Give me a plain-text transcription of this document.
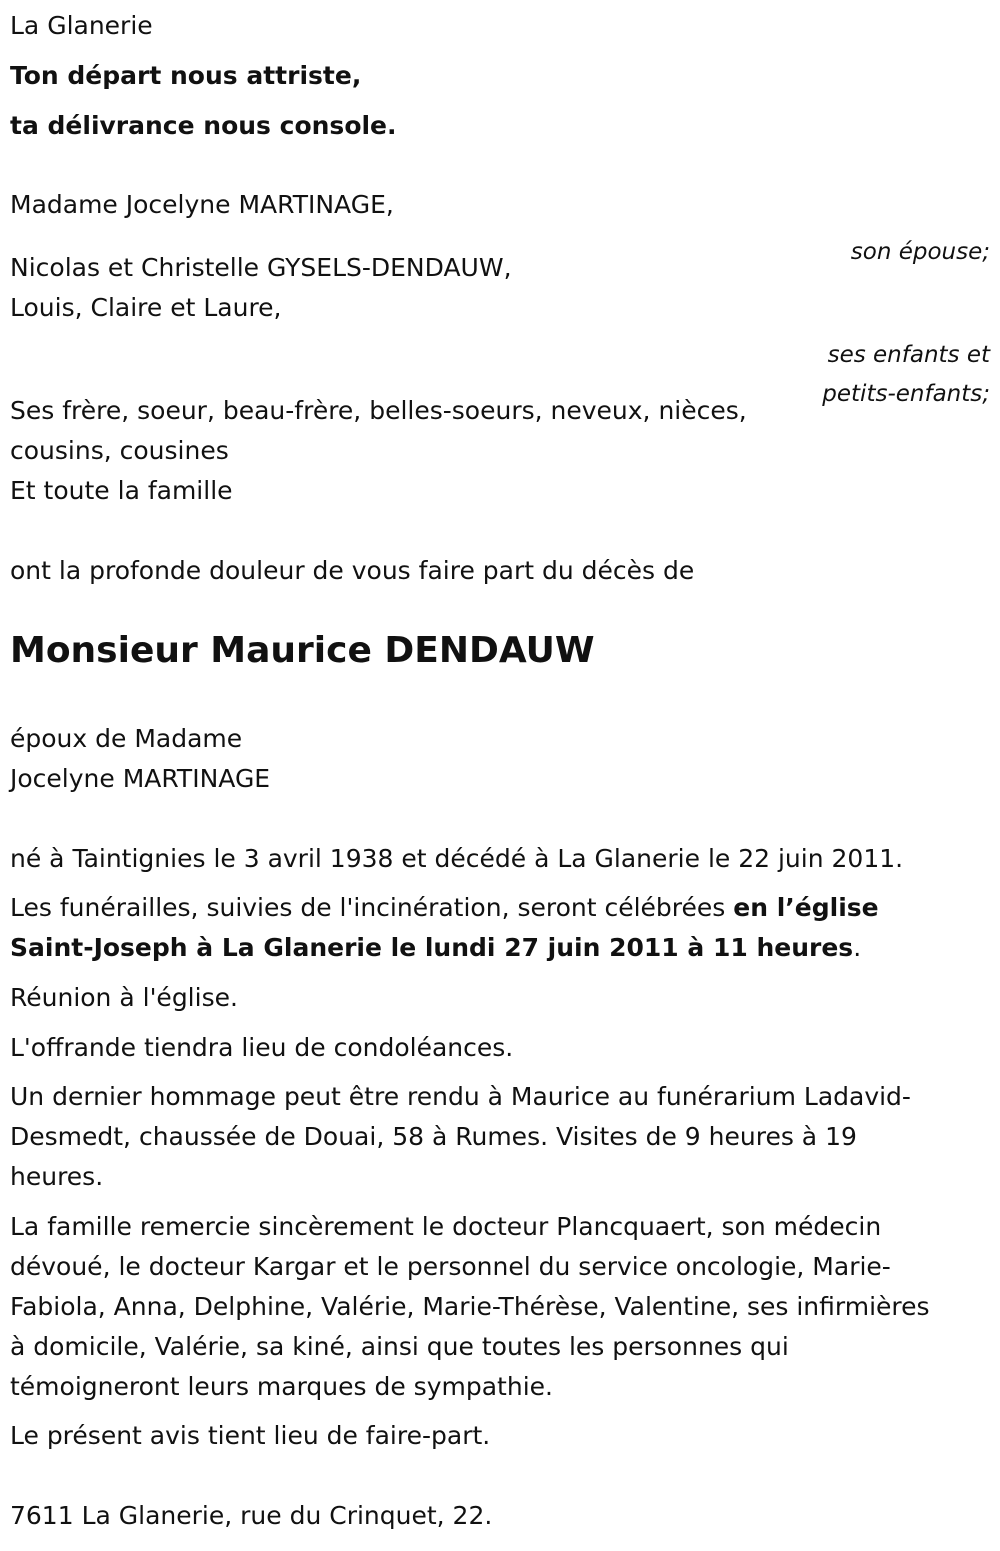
La Glanerie

Ton départ nous attriste,

ta délivrance nous console.

Madame Jocelyne MARTINAGE,

son épouse;

Nicolas et Christelle GYSELS-DENDAUW,

Louis, Claire et Laure,

ses enfants et

petits-enfants;

Ses frère, soeur, beau-frère, belles-soeurs, neveux, nièces,

cousins, cousines

Et toute la famille

ont la profonde douleur de vous faire part du décès de

Monsieur Maurice DENDAUW

époux de Madame

Jocelyne MARTINAGE

né à Taintignies le 3 avril 1938 et décédé à La Glanerie le 22 juin 2011.

Les funérailles, suivies de l'incinération, seront célébrées en l’église

Saint-Joseph à La Glanerie le lundi 27 juin 2011 à 11 heures.

Réunion à l'église.

L'offrande tiendra lieu de condoléances.

Un dernier hommage peut être rendu à Maurice au funérarium Ladavid-

Desmedt, chaussée de Douai, 58 à Rumes. Visites de 9 heures à 19

heures.

La famille remercie sincèrement le docteur Plancquaert, son médecin

dévoué, le docteur Kargar et le personnel du service oncologie, Marie-

Fabiola, Anna, Delphine, Valérie, Marie-Thérèse, Valentine, ses infirmières

à domicile, Valérie, sa kiné, ainsi que toutes les personnes qui

témoigneront leurs marques de sympathie.

Le présent avis tient lieu de faire-part.

7611 La Glanerie, rue du Crinquet, 22.
